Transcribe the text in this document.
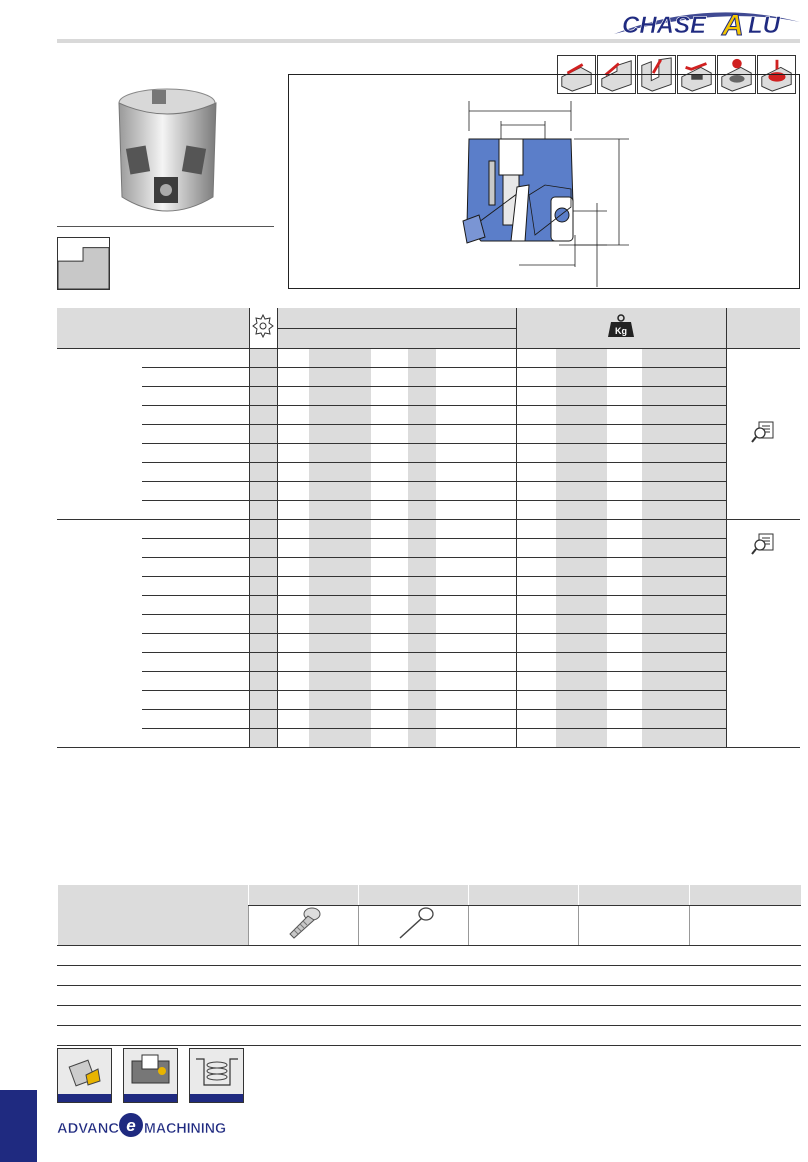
CHASE A LU

Kg				

ADVANC e MACHINING
